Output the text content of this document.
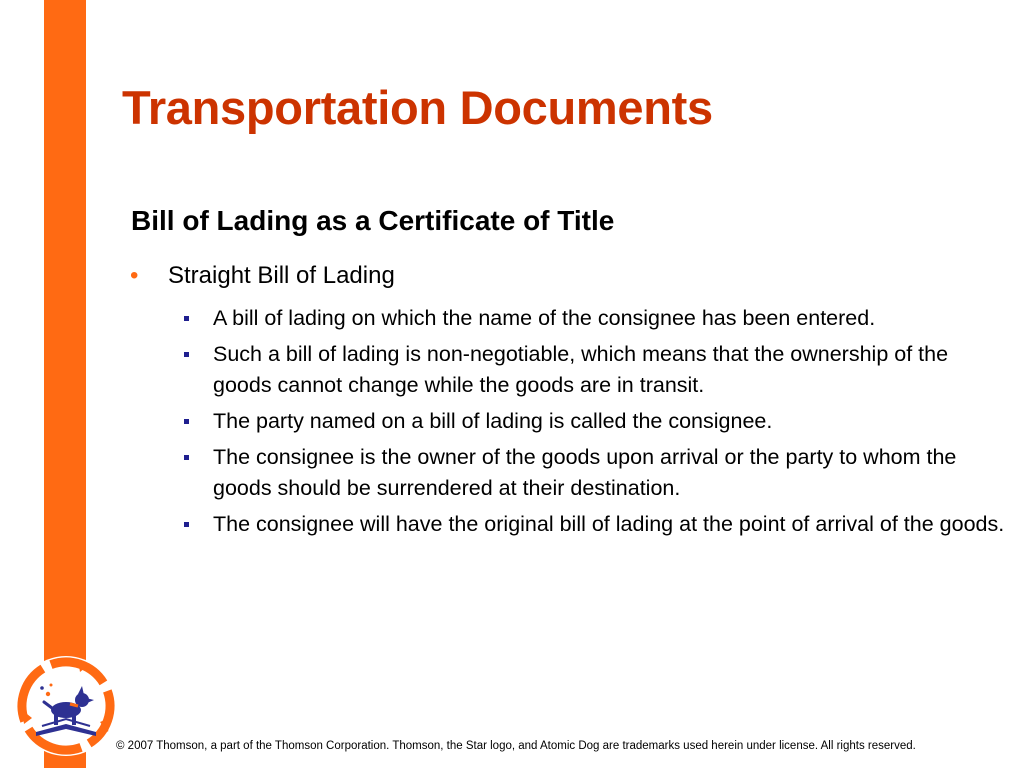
Transportation Documents
Bill of Lading as a Certificate of Title
• Straight Bill of Lading
A bill of lading on which the name of the consignee has been entered.
Such a bill of lading is non-negotiable, which means that the ownership of the goods cannot change while the goods are in transit.
The party named on a bill of lading is called the consignee.
The consignee is the owner of the goods upon arrival or the party to whom the goods should be surrendered at their destination.
The consignee will have the original bill of lading at the point of arrival of the goods.
© 2007 Thomson, a part of the Thomson Corporation. Thomson, the Star logo, and Atomic Dog are trademarks used herein under license. All rights reserved.
